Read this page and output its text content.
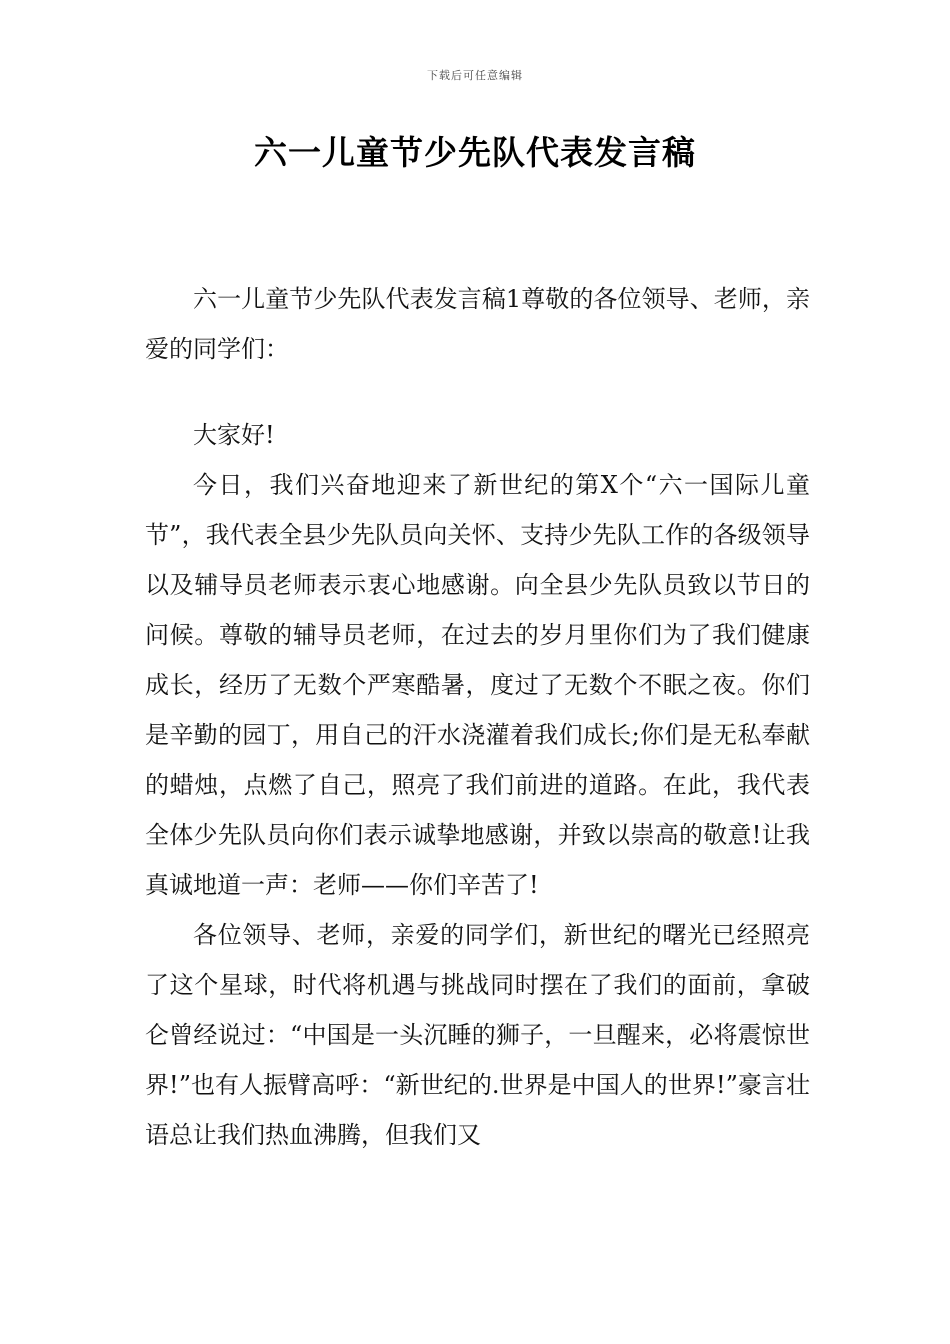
下载后可任意编辑
六一儿童节少先队代表发言稿

六一儿童节少先队代表发言稿1尊敬的各位领导、老师，亲爱的同学们：

大家好!

今日，我们兴奋地迎来了新世纪的第X个“六一国际儿童节”，我代表全县少先队员向关怀、支持少先队工作的各级领导以及辅导员老师表示衷心地感谢。向全县少先队员致以节日的问候。尊敬的辅导员老师，在过去的岁月里你们为了我们健康成长，经历了无数个严寒酷暑，度过了无数个不眠之夜。你们是辛勤的园丁，用自己的汗水浇灌着我们成长;你们是无私奉献的蜡烛，点燃了自己，照亮了我们前进的道路。在此，我代表全体少先队员向你们表示诚挚地感谢，并致以崇高的敬意!让我真诚地道一声：老师——你们辛苦了!

各位领导、老师，亲爱的同学们，新世纪的曙光已经照亮了这个星球，时代将机遇与挑战同时摆在了我们的面前，拿破仑曾经说过：“中国是一头沉睡的狮子，一旦醒来，必将震惊世界!”也有人振臂高呼：“新世纪的.世界是中国人的世界!”豪言壮语总让我们热血沸腾，但我们又
